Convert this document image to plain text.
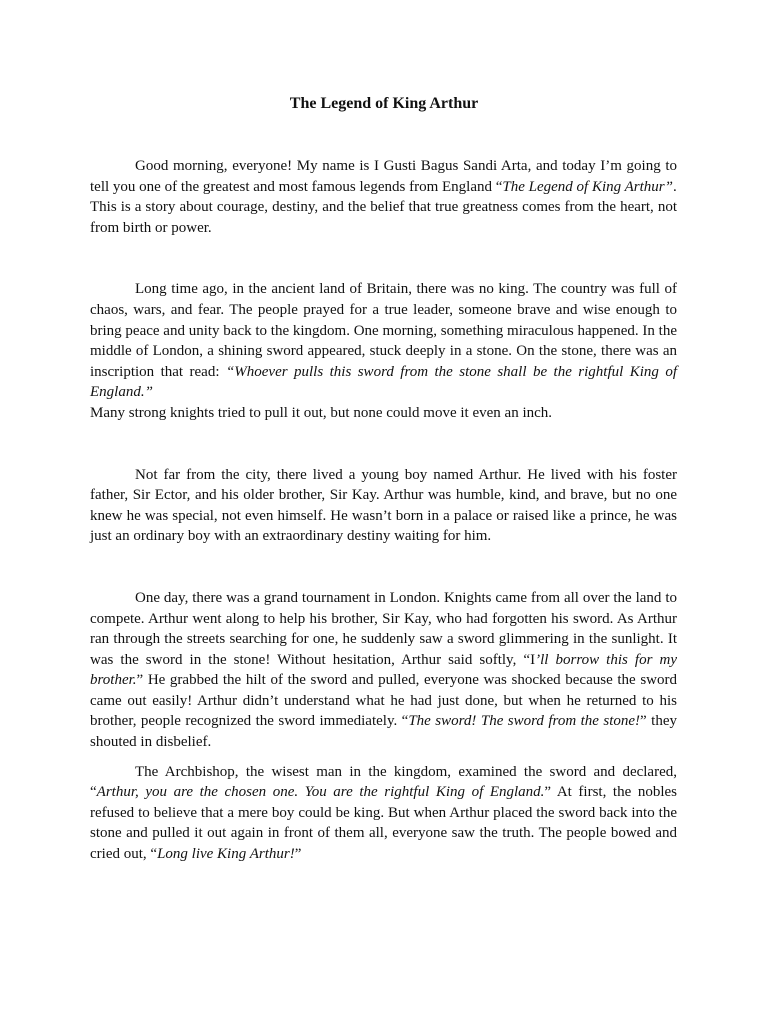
The Legend of King Arthur

Good morning, everyone! My name is I Gusti Bagus Sandi Arta, and today I’m going to tell you one of the greatest and most famous legends from England “The Legend of King Arthur”.

This is a story about courage, destiny, and the belief that true greatness comes from the heart, not from birth or power.

Long time ago, in the ancient land of Britain, there was no king. The country was full of chaos, wars, and fear. The people prayed for a true leader, someone brave and wise enough to bring peace and unity back to the kingdom. One morning, something miraculous happened. In the middle of London, a shining sword appeared, stuck deeply in a stone. On the stone, there was an inscription that read: “Whoever pulls this sword from the stone shall be the rightful King of England.”

Many strong knights tried to pull it out, but none could move it even an inch.

Not far from the city, there lived a young boy named Arthur. He lived with his foster father, Sir Ector, and his older brother, Sir Kay. Arthur was humble, kind, and brave, but no one knew he was special, not even himself. He wasn’t born in a palace or raised like a prince, he was just an ordinary boy with an extraordinary destiny waiting for him.

One day, there was a grand tournament in London. Knights came from all over the land to compete. Arthur went along to help his brother, Sir Kay, who had forgotten his sword. As Arthur ran through the streets searching for one, he suddenly saw a sword glimmering in the sunlight. It was the sword in the stone! Without hesitation, Arthur said softly, “I’ll borrow this for my brother.” He grabbed the hilt of the sword and pulled, everyone was shocked because the sword came out easily! Arthur didn’t understand what he had just done, but when he returned to his brother, people recognized the sword immediately. “The sword! The sword from the stone!” they shouted in disbelief.

The Archbishop, the wisest man in the kingdom, examined the sword and declared, “Arthur, you are the chosen one. You are the rightful King of England.” At first, the nobles refused to believe that a mere boy could be king. But when Arthur placed the sword back into the stone and pulled it out again in front of them all, everyone saw the truth. The people bowed and cried out, “Long live King Arthur!”
